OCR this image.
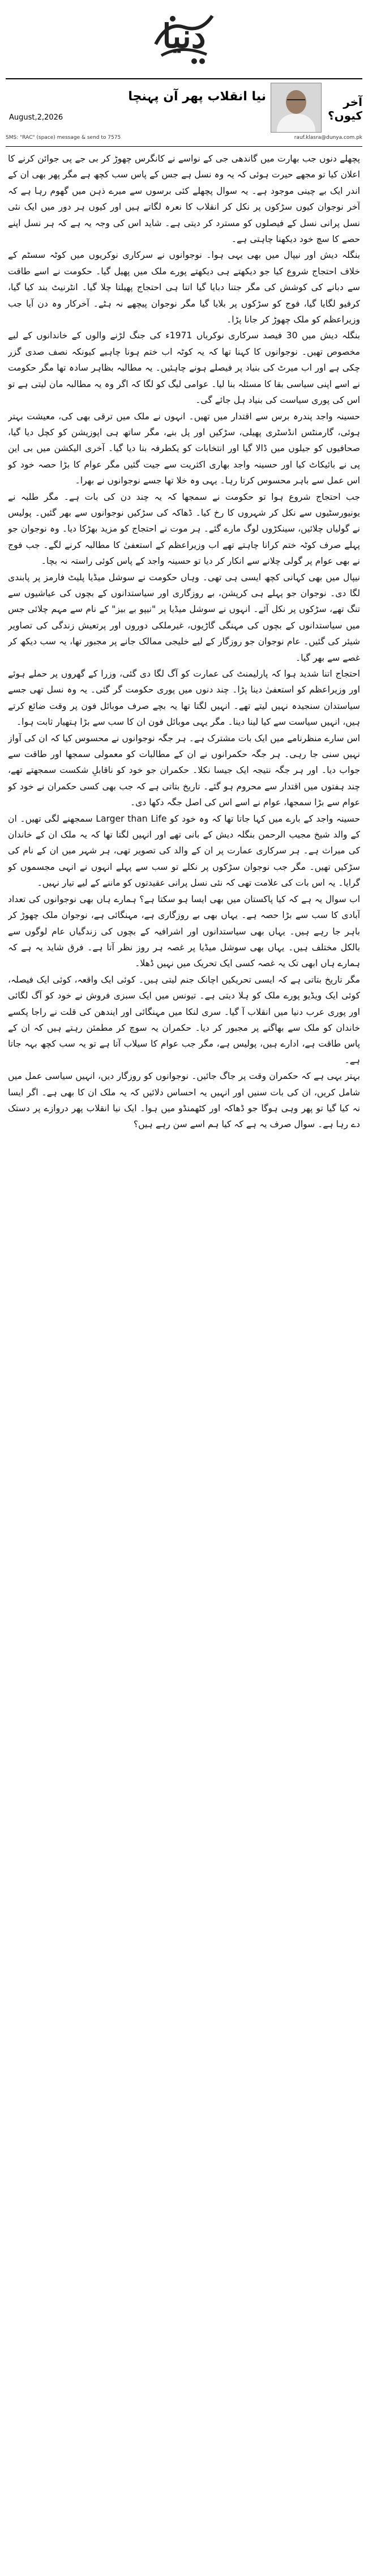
دنیا
نیا انقلاب پھر آن پہنچا
August,2,2026
آخر کیوں؟
SMS: "RAC" (space) message & send to 7575	rauf.klasra@dunya.com.pk

پچھلے دنوں جب بھارت میں گاندھی جی کے نواسے نے کانگرس چھوڑ کر بی جے پی جوائن کرنے کا اعلان کیا تو مجھے حیرت ہوئی کہ یہ وہ نسل ہے جس کے پاس سب کچھ ہے مگر پھر بھی ان کے اندر ایک بے چینی موجود ہے۔ یہ سوال پچھلے کئی برسوں سے میرے ذہن میں گھوم رہا ہے کہ آخر نوجوان کیوں سڑکوں پر نکل کر انقلاب کا نعرہ لگاتے ہیں اور کیوں ہر دور میں ایک نئی نسل پرانی نسل کے فیصلوں کو مسترد کر دیتی ہے۔ شاید اس کی وجہ یہ ہے کہ ہر نسل اپنے حصے کا سچ خود دیکھنا چاہتی ہے۔

بنگلہ دیش اور نیپال میں بھی یہی ہوا۔ نوجوانوں نے سرکاری نوکریوں میں کوٹہ سسٹم کے خلاف احتجاج شروع کیا جو دیکھتے ہی دیکھتے پورے ملک میں پھیل گیا۔ حکومت نے اسے طاقت سے دبانے کی کوشش کی مگر جتنا دبایا گیا اتنا ہی احتجاج پھیلتا چلا گیا۔ انٹرنیٹ بند کیا گیا، کرفیو لگایا گیا، فوج کو سڑکوں پر بلایا گیا مگر نوجوان پیچھے نہ ہٹے۔ آخرکار وہ دن آیا جب وزیراعظم کو ملک چھوڑ کر جانا پڑا۔

بنگلہ دیش میں 30 فیصد سرکاری نوکریاں 1971ء کی جنگ لڑنے والوں کے خاندانوں کے لیے مخصوص تھیں۔ نوجوانوں کا کہنا تھا کہ یہ کوٹہ اب ختم ہونا چاہیے کیونکہ نصف صدی گزر چکی ہے اور اب میرٹ کی بنیاد پر فیصلے ہونے چاہئیں۔ یہ مطالبہ بظاہر سادہ تھا مگر حکومت نے اسے اپنی سیاسی بقا کا مسئلہ بنا لیا۔ عوامی لیگ کو لگا کہ اگر وہ یہ مطالبہ مان لیتی ہے تو اس کی پوری سیاست کی بنیاد ہل جائے گی۔

حسینہ واجد پندرہ برس سے اقتدار میں تھیں۔ انہوں نے ملک میں ترقی بھی کی، معیشت بہتر ہوئی، گارمنٹس انڈسٹری پھیلی، سڑکیں اور پل بنے، مگر ساتھ ہی اپوزیشن کو کچل دیا گیا، صحافیوں کو جیلوں میں ڈالا گیا اور انتخابات کو یکطرفہ بنا دیا گیا۔ آخری الیکشن میں بی این پی نے بائیکاٹ کیا اور حسینہ واجد بھاری اکثریت سے جیت گئیں مگر عوام کا بڑا حصہ خود کو اس عمل سے باہر محسوس کرتا رہا۔ یہی وہ خلا تھا جسے نوجوانوں نے بھرا۔

جب احتجاج شروع ہوا تو حکومت نے سمجھا کہ یہ چند دن کی بات ہے۔ مگر طلبہ نے یونیورسٹیوں سے نکل کر شہروں کا رخ کیا۔ ڈھاکہ کی سڑکیں نوجوانوں سے بھر گئیں۔ پولیس نے گولیاں چلائیں، سینکڑوں لوگ مارے گئے۔ ہر موت نے احتجاج کو مزید بھڑکا دیا۔ وہ نوجوان جو پہلے صرف کوٹہ ختم کرانا چاہتے تھے اب وزیراعظم کے استعفیٰ کا مطالبہ کرنے لگے۔ جب فوج نے بھی عوام پر گولی چلانے سے انکار کر دیا تو حسینہ واجد کے پاس کوئی راستہ نہ بچا۔

نیپال میں بھی کہانی کچھ ایسی ہی تھی۔ وہاں حکومت نے سوشل میڈیا پلیٹ فارمز پر پابندی لگا دی۔ نوجوان جو پہلے ہی کرپشن، بے روزگاری اور سیاستدانوں کے بچوں کی عیاشیوں سے تنگ تھے، سڑکوں پر نکل آئے۔ انہوں نے سوشل میڈیا پر "نیپو بے بیز" کے نام سے مہم چلائی جس میں سیاستدانوں کے بچوں کی مہنگی گاڑیوں، غیرملکی دوروں اور پرتعیش زندگی کی تصاویر شیئر کی گئیں۔ عام نوجوان جو روزگار کے لیے خلیجی ممالک جانے پر مجبور تھا، یہ سب دیکھ کر غصے سے بھر گیا۔

احتجاج اتنا شدید ہوا کہ پارلیمنٹ کی عمارت کو آگ لگا دی گئی، وزرا کے گھروں پر حملے ہوئے اور وزیراعظم کو استعفیٰ دینا پڑا۔ چند دنوں میں پوری حکومت گر گئی۔ یہ وہ نسل تھی جسے سیاستدان سنجیدہ نہیں لیتے تھے۔ انہیں لگتا تھا یہ بچے صرف موبائل فون پر وقت ضائع کرتے ہیں، انہیں سیاست سے کیا لینا دینا۔ مگر یہی موبائل فون ان کا سب سے بڑا ہتھیار ثابت ہوا۔

اس سارے منظرنامے میں ایک بات مشترک ہے۔ ہر جگہ نوجوانوں نے محسوس کیا کہ ان کی آواز نہیں سنی جا رہی۔ ہر جگہ حکمرانوں نے ان کے مطالبات کو معمولی سمجھا اور طاقت سے جواب دیا۔ اور ہر جگہ نتیجہ ایک جیسا نکلا۔ حکمران جو خود کو ناقابلِ شکست سمجھتے تھے، چند ہفتوں میں اقتدار سے محروم ہو گئے۔ تاریخ بتاتی ہے کہ جب بھی کسی حکمران نے خود کو عوام سے بڑا سمجھا، عوام نے اسے اس کی اصل جگہ دکھا دی۔

حسینہ واجد کے بارے میں کہا جاتا تھا کہ وہ خود کو Larger than Life سمجھنے لگی تھیں۔ ان کے والد شیخ مجیب الرحمن بنگلہ دیش کے بانی تھے اور انہیں لگتا تھا کہ یہ ملک ان کے خاندان کی میراث ہے۔ ہر سرکاری عمارت پر ان کے والد کی تصویر تھی، ہر شہر میں ان کے نام کی سڑکیں تھیں۔ مگر جب نوجوان سڑکوں پر نکلے تو سب سے پہلے انہوں نے انہی مجسموں کو گرایا۔ یہ اس بات کی علامت تھی کہ نئی نسل پرانی عقیدتوں کو ماننے کے لیے تیار نہیں۔

اب سوال یہ ہے کہ کیا پاکستان میں بھی ایسا ہو سکتا ہے؟ ہمارے ہاں بھی نوجوانوں کی تعداد آبادی کا سب سے بڑا حصہ ہے۔ یہاں بھی بے روزگاری ہے، مہنگائی ہے، نوجوان ملک چھوڑ کر باہر جا رہے ہیں۔ یہاں بھی سیاستدانوں اور اشرافیہ کے بچوں کی زندگیاں عام لوگوں سے بالکل مختلف ہیں۔ یہاں بھی سوشل میڈیا پر غصہ ہر روز نظر آتا ہے۔ فرق شاید یہ ہے کہ ہمارے ہاں ابھی تک یہ غصہ کسی ایک تحریک میں نہیں ڈھلا۔

مگر تاریخ بتاتی ہے کہ ایسی تحریکیں اچانک جنم لیتی ہیں۔ کوئی ایک واقعہ، کوئی ایک فیصلہ، کوئی ایک ویڈیو پورے ملک کو ہلا دیتی ہے۔ تیونس میں ایک سبزی فروش نے خود کو آگ لگائی اور پوری عرب دنیا میں انقلاب آ گیا۔ سری لنکا میں مہنگائی اور ایندھن کی قلت نے راجا پکسے خاندان کو ملک سے بھاگنے پر مجبور کر دیا۔ حکمران یہ سوچ کر مطمئن رہتے ہیں کہ ان کے پاس طاقت ہے، ادارے ہیں، پولیس ہے، مگر جب عوام کا سیلاب آتا ہے تو یہ سب کچھ بہہ جاتا ہے۔

بہتر یہی ہے کہ حکمران وقت پر جاگ جائیں۔ نوجوانوں کو روزگار دیں، انہیں سیاسی عمل میں شامل کریں، ان کی بات سنیں اور انہیں یہ احساس دلائیں کہ یہ ملک ان کا بھی ہے۔ اگر ایسا نہ کیا گیا تو پھر وہی ہوگا جو ڈھاکہ اور کٹھمنڈو میں ہوا۔ ایک نیا انقلاب پھر دروازے پر دستک دے رہا ہے۔ سوال صرف یہ ہے کہ کیا ہم اسے سن رہے ہیں؟
